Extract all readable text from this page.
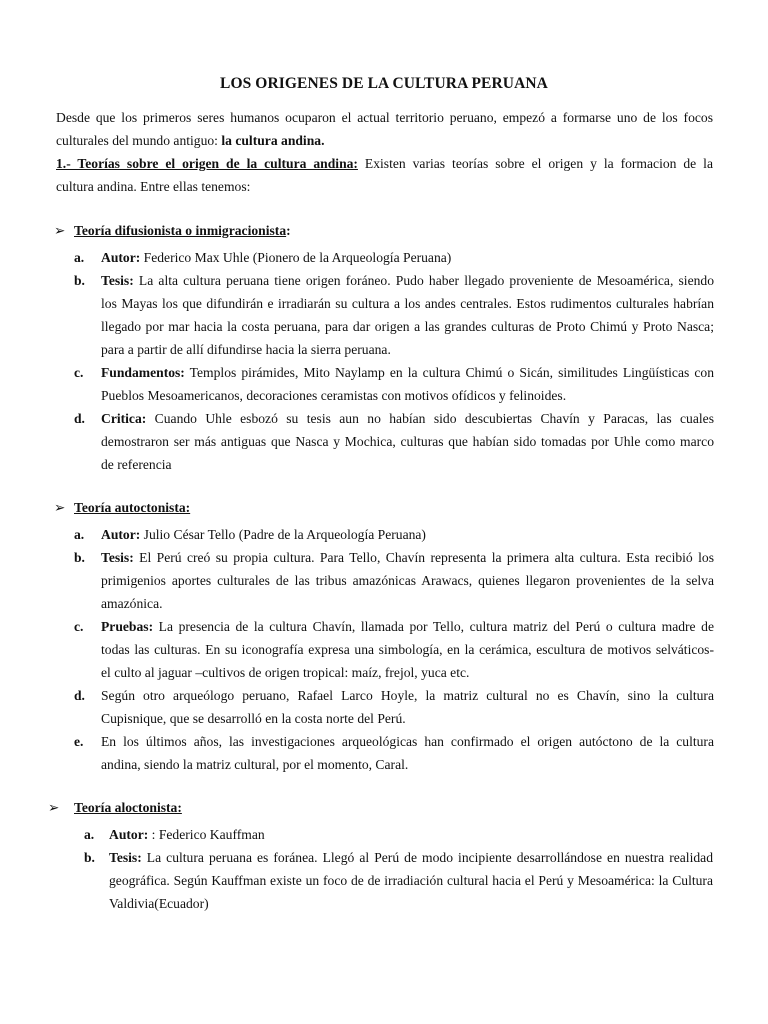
LOS ORIGENES DE LA CULTURA PERUANA
Desde que los primeros seres humanos ocuparon el actual territorio peruano, empezó a formarse uno de los focos
culturales del mundo antiguo: la cultura andina.
1.- Teorías sobre el origen de la cultura andina: Existen varias teorías sobre el origen y la formacion de la
cultura andina. Entre ellas tenemos:
➢ Teoría difusionista o inmigracionista:
a. Autor: Federico Max Uhle (Pionero de la Arqueología Peruana)
b. Tesis: La alta cultura peruana tiene origen foráneo. Pudo haber llegado proveniente de Mesoamérica, siendo
los Mayas los que difundirán e irradiarán su cultura a los andes centrales. Estos rudimentos culturales habrían
llegado por mar hacia la costa peruana, para dar origen a las grandes culturas de Proto Chimú y Proto Nasca;
para a partir de allí difundirse hacia la sierra peruana.
c. Fundamentos: Templos pirámides, Mito Naylamp en la cultura Chimú o Sicán, similitudes Lingüísticas con
Pueblos Mesoamericanos, decoraciones ceramistas con motivos ofídicos y felinoides.
d. Critica: Cuando Uhle esbozó su tesis aun no habían sido descubiertas Chavín y Paracas, las cuales
demostraron ser más antiguas que Nasca y Mochica, culturas que habían sido tomadas por Uhle como marco
de referencia
➢ Teoría autoctonista:
a. Autor: Julio César Tello (Padre de la Arqueología Peruana)
b. Tesis: El Perú creó su propia cultura. Para Tello, Chavín representa la primera alta cultura. Esta recibió los
primigenios aportes culturales de las tribus amazónicas Arawacs, quienes llegaron provenientes de la selva
amazónica.
c. Pruebas: La presencia de la cultura Chavín, llamada por Tello, cultura matriz del Perú o cultura madre de
todas las culturas. En su iconografía expresa una simbología, en la cerámica, escultura de motivos selváticos-
el culto al jaguar –cultivos de origen tropical: maíz, frejol, yuca etc.
d. Según otro arqueólogo peruano, Rafael Larco Hoyle, la matriz cultural no es Chavín, sino la cultura
Cupisnique, que se desarrolló en la costa norte del Perú.
e. En los últimos años, las investigaciones arqueológicas han confirmado el origen autóctono de la cultura
andina, siendo la matriz cultural, por el momento, Caral.
➢ Teoría aloctonista:
a. Autor: : Federico Kauffman
b. Tesis: La cultura peruana es foránea. Llegó al Perú de modo incipiente desarrollándose en nuestra realidad
geográfica. Según Kauffman existe un foco de de irradiación cultural hacia el Perú y Mesoamérica: la Cultura
Valdivia(Ecuador)
